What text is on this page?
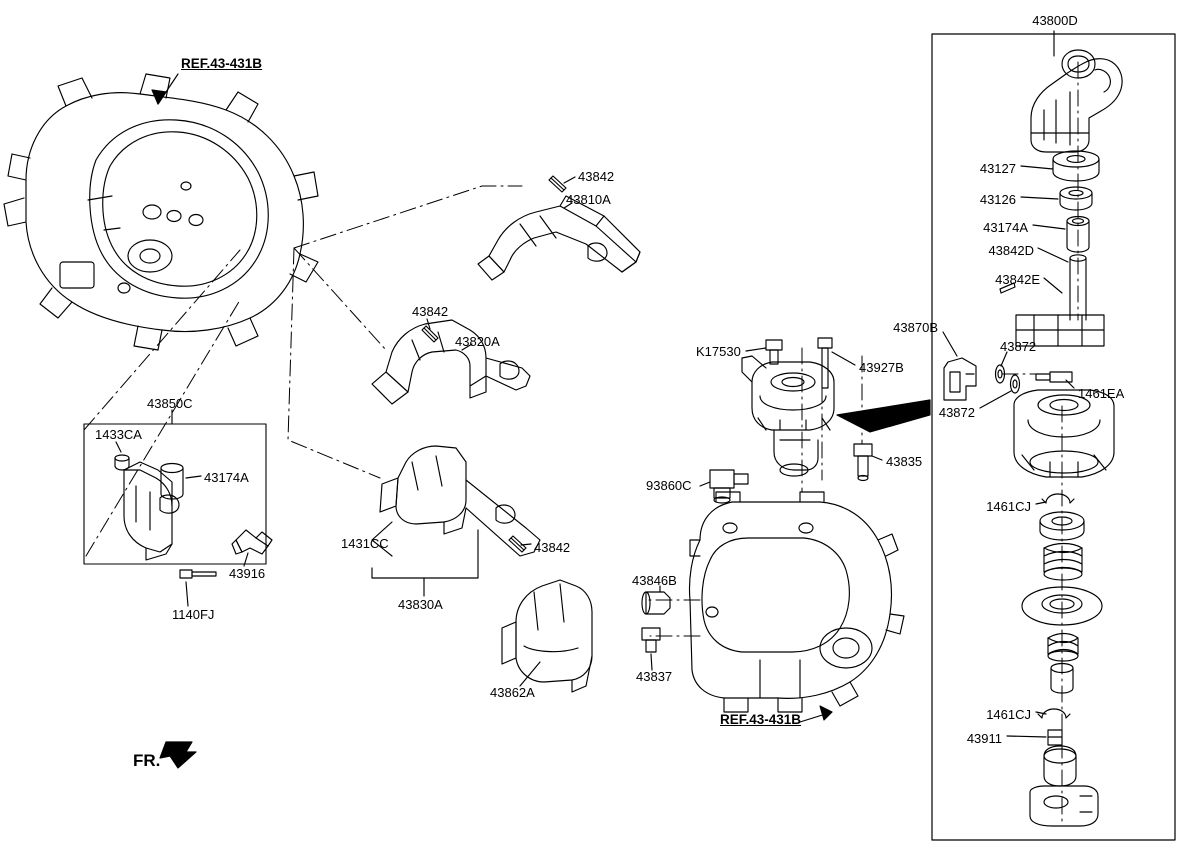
REF.43-431B
43800D
43127
43126
43174A
43842D
43842E
43870B
43872
43872
1461EA
1461CJ
1461CJ
43911
43842
43810A
43842
43820A
43850C
1433CA
43174A
43916
1140FJ
1431CC
43830A
43842
43862A
K17530
43927B
43835
93860C
43846B
43837
REF.43-431B
FR.
